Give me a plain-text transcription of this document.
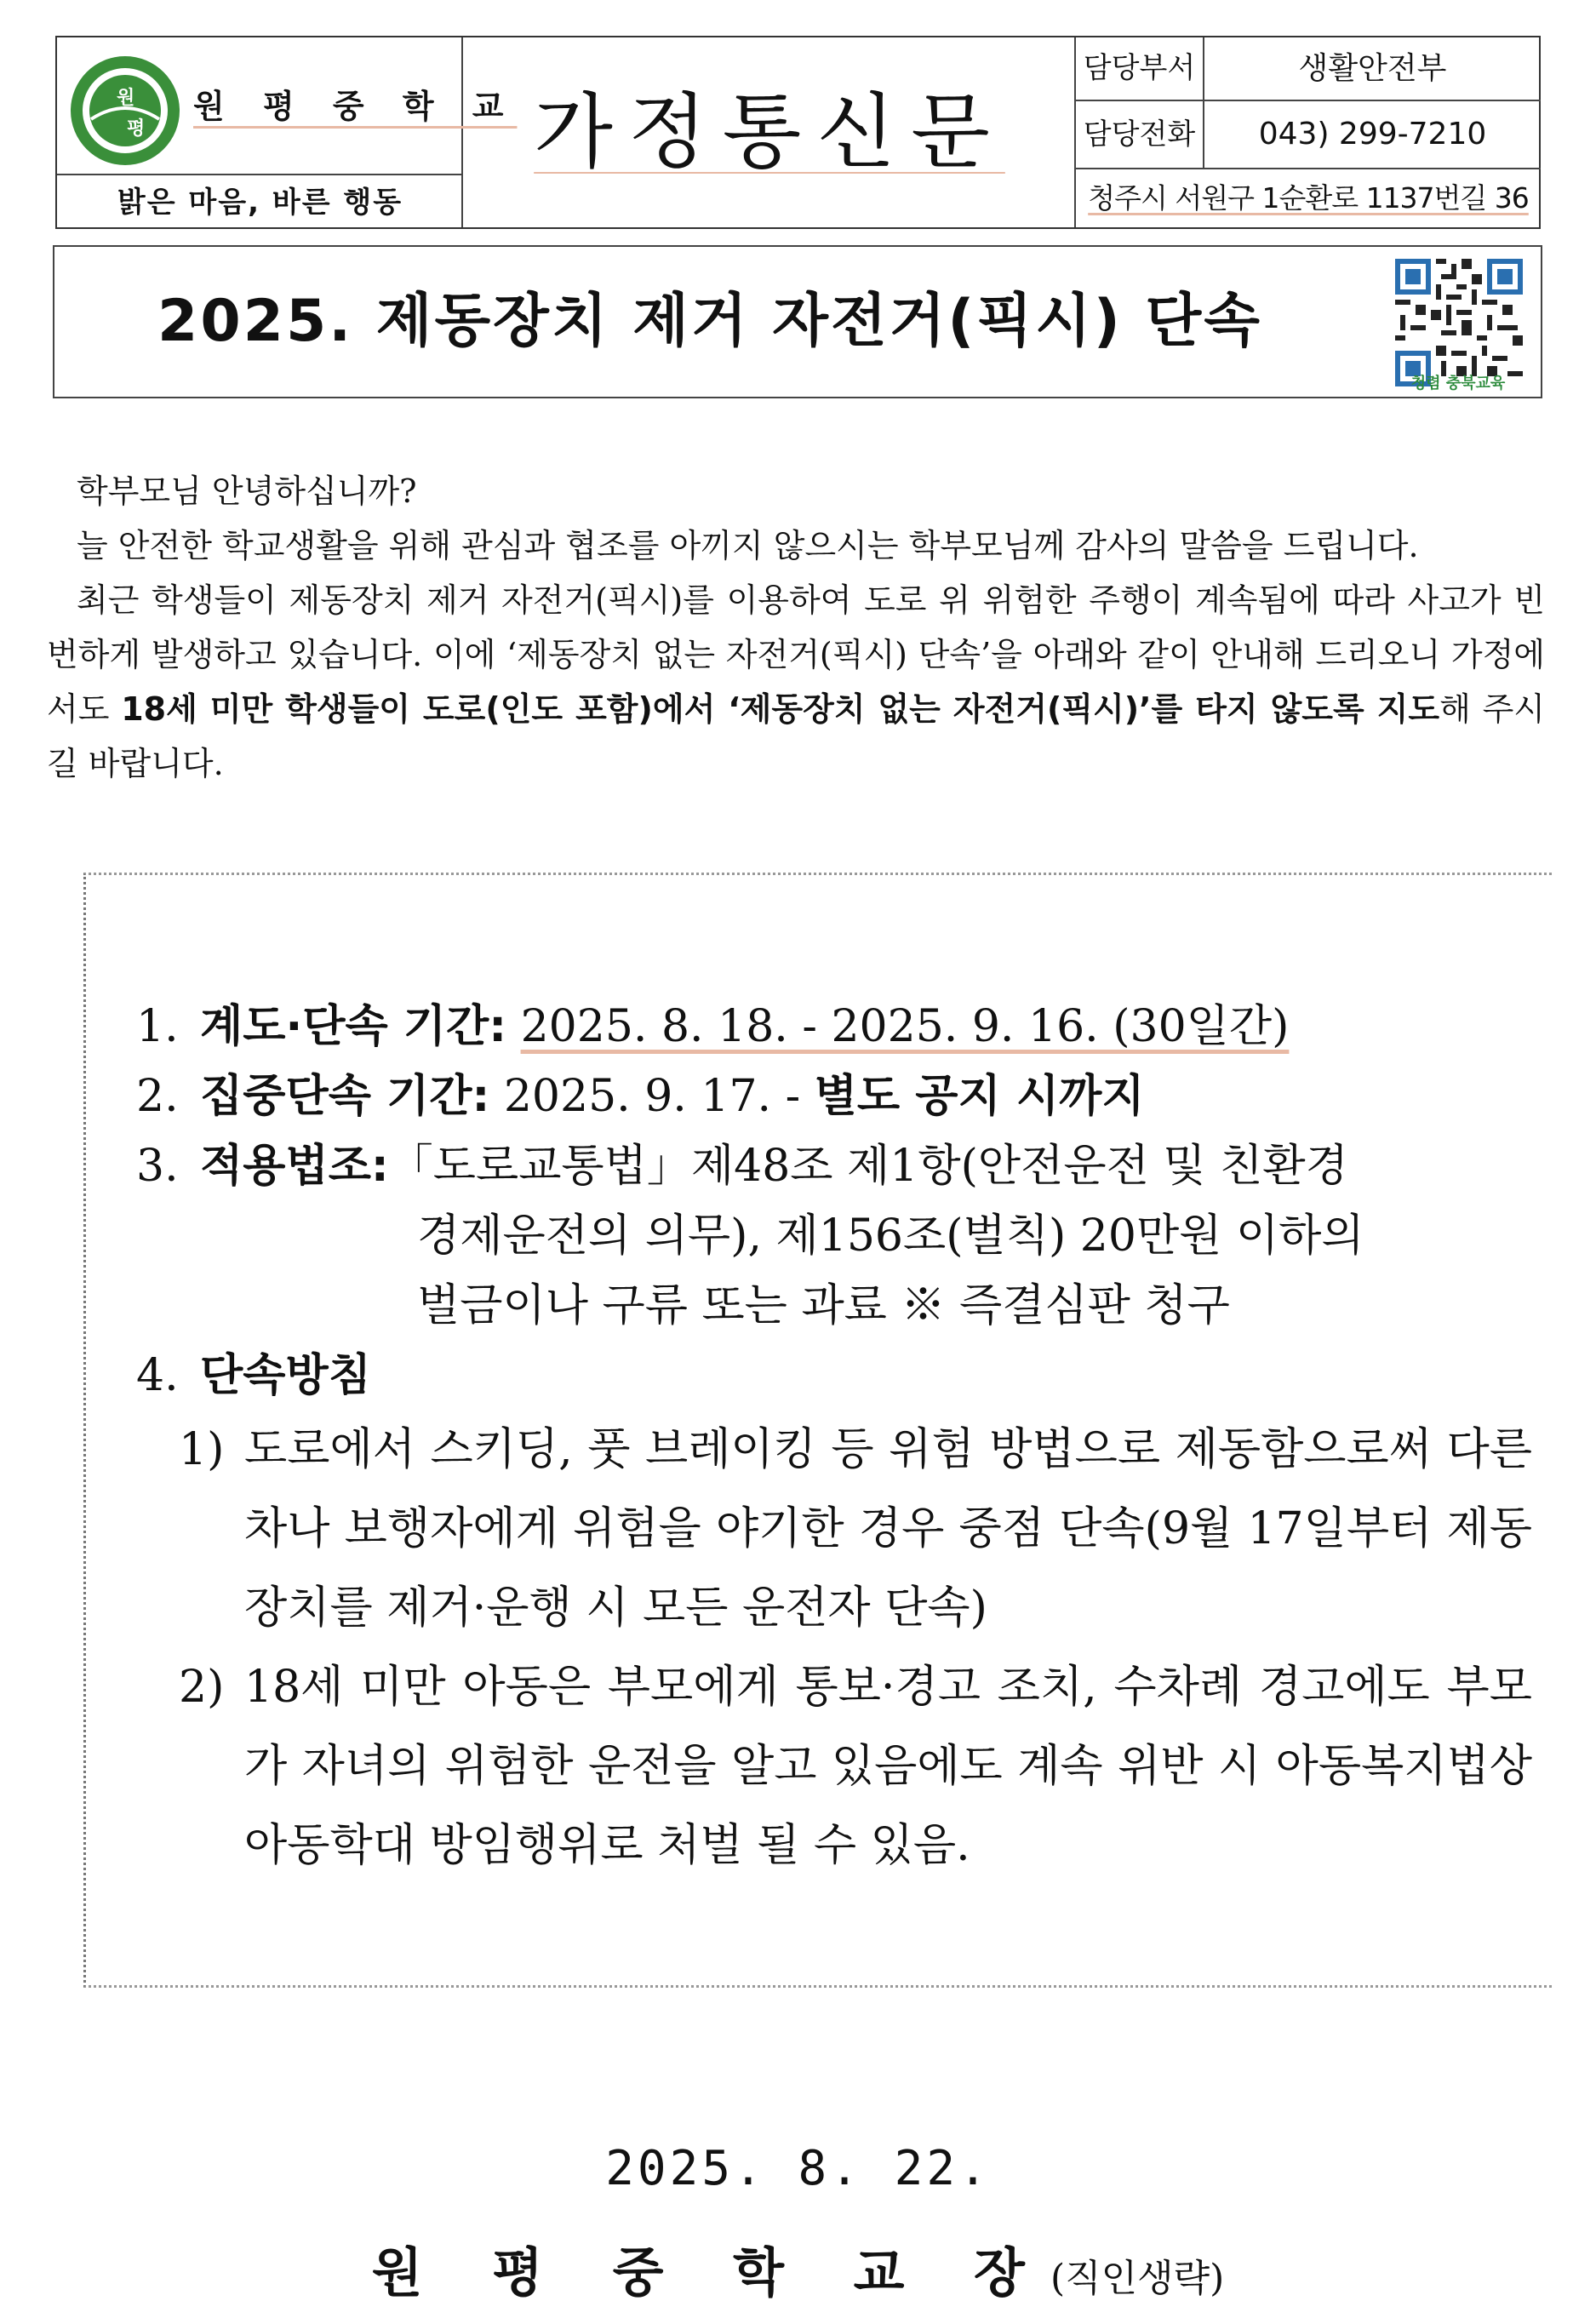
원
평
원 평 중 학 교
밝은 마음, 바른 행동
가정통신문
담당부서	생활안전부
담당전화	043) 299-7210
청주시 서원구 1순환로 1137번길 36
2025. 제동장치 제거 자전거(픽시) 단속
청렴 충북교육

학부모님 안녕하십니까?

늘 안전한 학교생활을 위해 관심과 협조를 아끼지 않으시는 학부모님께 감사의 말씀을 드립니다.

최근 학생들이 제동장치 제거 자전거(픽시)를 이용하여 도로 위 위험한 주행이 계속됨에 따라 사고가 빈번하게 발생하고 있습니다. 이에 ‘제동장치 없는 자전거(픽시) 단속’을 아래와 같이 안내해 드리오니 가정에서도 18세 미만 학생들이 도로(인도 포함)에서 ‘제동장치 없는 자전거(픽시)’를 타지 않도록 지도해 주시길 바랍니다.

1. 계도·단속 기간: 2025. 8. 18. - 2025. 9. 16. (30일간)
2. 집중단속 기간: 2025. 9. 17. - 별도 공지 시까지
3. 적용법조:「도로교통법」제48조 제1항(안전운전 및 친환경
경제운전의 의무), 제156조(벌칙) 20만원 이하의
벌금이나 구류 또는 과료 ※ 즉결심판 청구
4. 단속방침
1) 도로에서 스키딩, 풋 브레이킹 등 위험 방법으로 제동함으로써 다른 차나 보행자에게 위험을 야기한 경우 중점 단속(9월 17일부터 제동장치를 제거·운행 시 모든 운전자 단속)
2) 18세 미만 아동은 부모에게 통보·경고 조치, 수차례 경고에도 부모가 자녀의 위험한 운전을 알고 있음에도 계속 위반 시 아동복지법상 아동학대 방임행위로 처벌 될 수 있음.
2025. 8. 22.
원 평 중 학 교 장(직인생략)
